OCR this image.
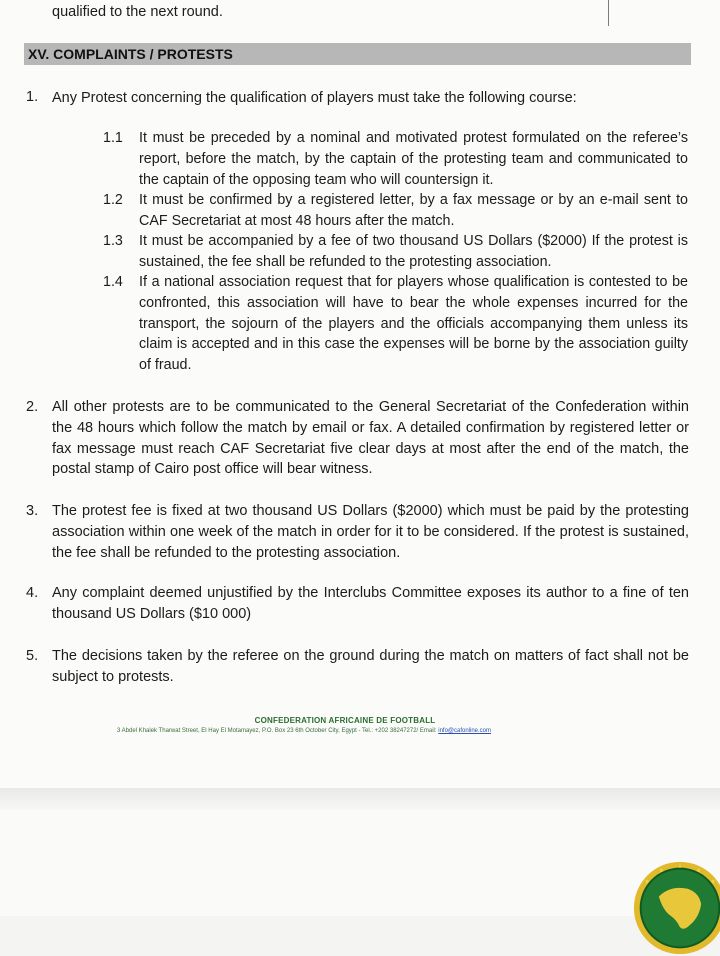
qualified to the next round.
XV. COMPLAINTS / PROTESTS
1. Any Protest concerning the qualification of players must take the following course:
1.1 It must be preceded by a nominal and motivated protest formulated on the referee’s report, before the match, by the captain of the protesting team and communicated to the captain of the opposing team who will countersign it.
1.2 It must be confirmed by a registered letter, by a fax message or by an e-mail sent to CAF Secretariat at most 48 hours after the match.
1.3 It must be accompanied by a fee of two thousand US Dollars ($2000) If the protest is sustained, the fee shall be refunded to the protesting association.
1.4 If a national association request that for players whose qualification is contested to be confronted, this association will have to bear the whole expenses incurred for the transport, the sojourn of the players and the officials accompanying them unless its claim is accepted and in this case the expenses will be borne by the association guilty of fraud.
2. All other protests are to be communicated to the General Secretariat of the Confederation within the 48 hours which follow the match by email or fax. A detailed confirmation by registered letter or fax message must reach CAF Secretariat five clear days at most after the end of the match, the postal stamp of Cairo post office will bear witness.
3. The protest fee is fixed at two thousand US Dollars ($2000) which must be paid by the protesting association within one week of the match in order for it to be considered. If the protest is sustained, the fee shall be refunded to the protesting association.
4. Any complaint deemed unjustified by the Interclubs Committee exposes its author to a fine of ten thousand US Dollars ($10 000)
5. The decisions taken by the referee on the ground during the match on matters of fact shall not be subject to protests.
CONFEDERATION AFRICAINE DE FOOTBALL
3 Abdel Khalek Tharwat Street, El Hay El Motamayez, P.O. Box 23 6th October City, Egypt - Tel.: +202 38247272/ Email: info@cafonline.com
